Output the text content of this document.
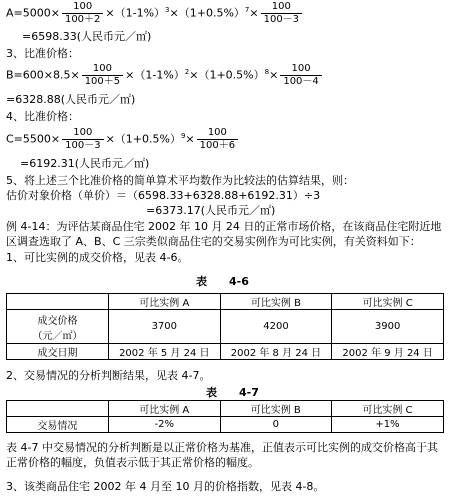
$A=5000\times \frac{100}{100+2} \times(1-1\%)^3\times(1+0.5\%)^7\times \frac{100}{100-3}$
=6598.33(人民币元／㎡)
3、比准价格：
$B=600\times 8.5\times \frac{100}{100+5} \times(1-1\%)^2\times(1+0.5\%)^8\times \frac{100}{100-4}$
=6328.88(人民币元／㎡)
4、比准价格：
$C=5500\times \frac{100}{100-3} \times(1+0.5\%)^9\times \frac{100}{100+6}$
=6192.31(人民币元／㎡)
5、将上述三个比准价格的简单算术平均数作为比较法的估算结果，则：
估价对象价格（单价）＝（6598.33+6328.88+6192.31）÷3
=6373.17(人民币元／㎡)
例 4-14：为评估某商品住宅 2002 年 10 月 24 日的正常市场价格，在该商品住宅附近地区调查选取了 A、B、C 三宗类似商品住宅的交易实例作为可比实例，有关资料如下：
1、可比实例的成交价格，见表 4-6。
表　　4-6
	可比实例 A	可比实例 B	可比实例 C
成交价格
（元／㎡）	3700	4200	3900
成交日期	2002 年 5 月 24 日	2002 年 8 月 24 日	2002 年 9 月 24 日
2、交易情况的分析判断结果，见表 4-7。
表　　4-7
	可比实例 A	可比实例 B	可比实例 C
交易情况	-2%	0	+1%
表 4-7 中交易情况的分析判断是以正常价格为基准，正值表示可比实例的成交价格高于其正常价格的幅度，负值表示低于其正常价格的幅度。
3、该类商品住宅 2002 年 4 月至 10 月的价格指数，见表 4-8。
